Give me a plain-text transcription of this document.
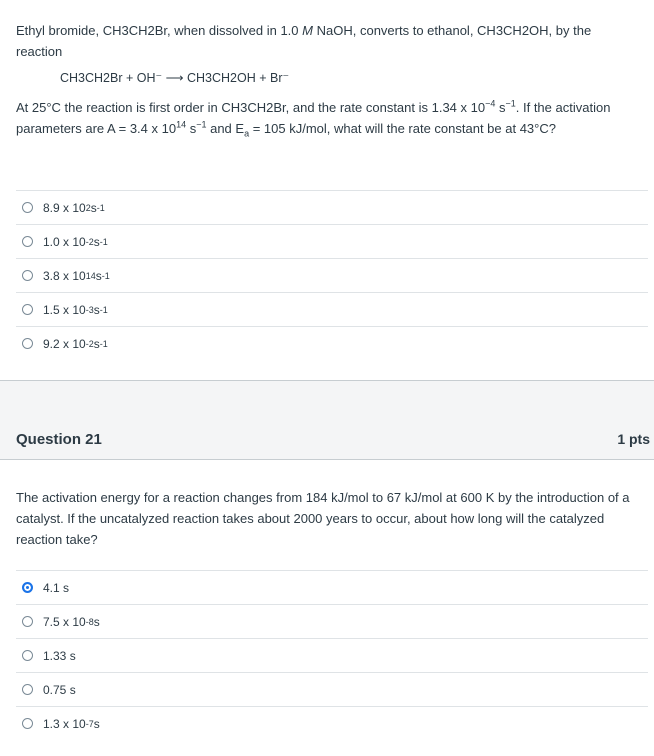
Ethyl bromide, CH3CH2Br, when dissolved in 1.0 M NaOH, converts to ethanol, CH3CH2OH, by the reaction

CH3CH2Br + OH⁻ ⟶ CH3CH2OH + Br⁻

At 25°C the reaction is first order in CH3CH2Br, and the rate constant is 1.34 x $10^{-4}$ $s^{-1}$. If the activation parameters are A = 3.4 x $10^{14}$ $s^{-1}$ and $E_a = 105$ kJ/mol, what will the rate constant be at 43°C?

8.9 x 10 2 s -1
1.0 x 10 -2 s -1
3.8 x 10 14 s -1
1.5 x 10 -3 s -1
9.2 x 10 -2 s -1
Question 21	1 pts
The activation energy for a reaction changes from 184 kJ/mol to 67 kJ/mol at 600 K by the introduction of a catalyst. If the uncatalyzed reaction takes about 2000 years to occur, about how long will the catalyzed reaction take?
4.1 s
7.5 x 10 -8 s
1.33 s
0.75 s
1.3 x 10 -7 s
